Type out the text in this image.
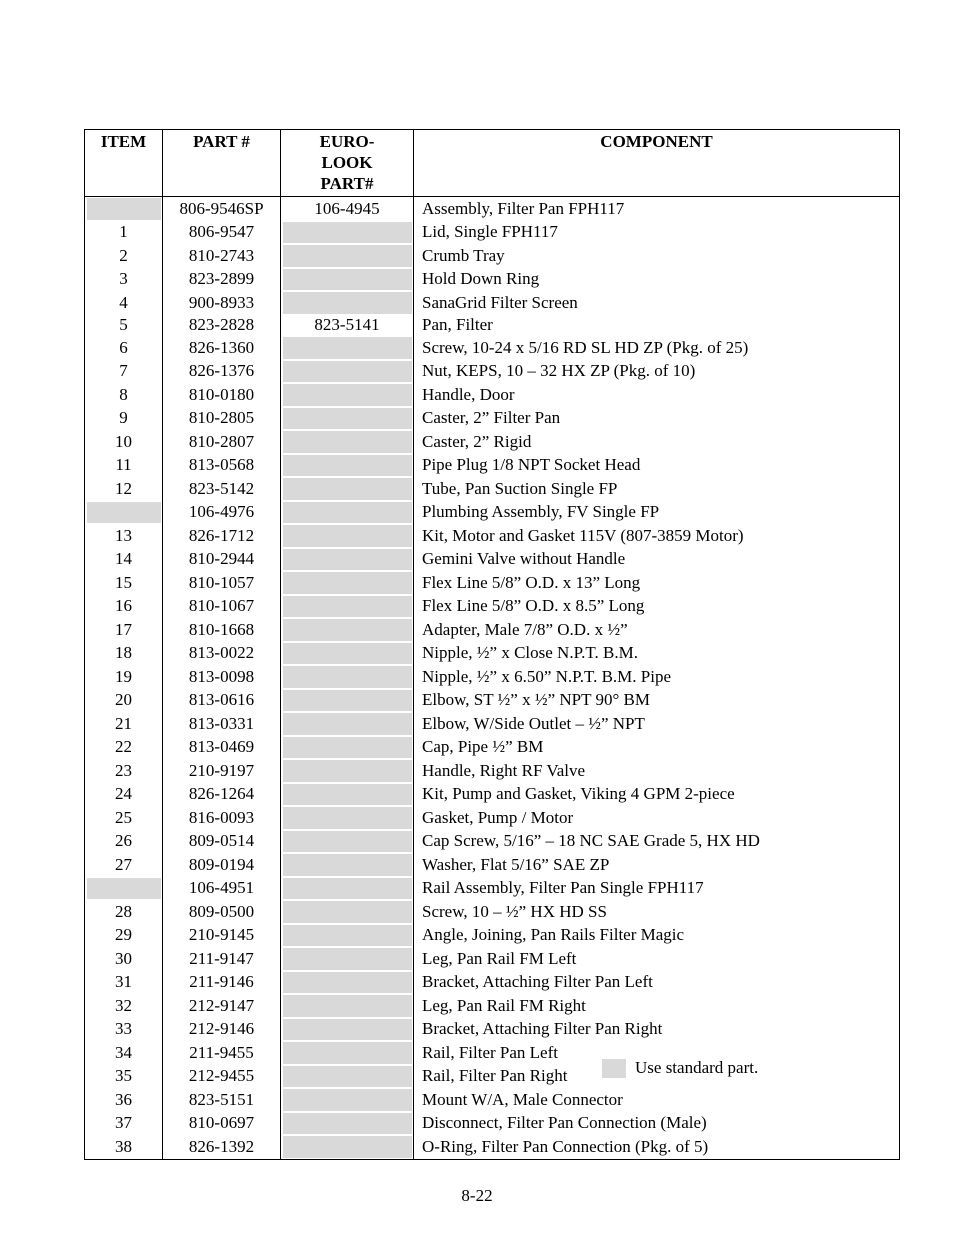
ITEM	PART #	EURO-LOOK PART#	COMPONENT
	806-9546SP	106-4945	Assembly, Filter Pan FPH117
1	806-9547		Lid, Single FPH117
2	810-2743		Crumb Tray
3	823-2899		Hold Down Ring
4	900-8933		SanaGrid Filter Screen
5	823-2828	823-5141	Pan, Filter
6	826-1360		Screw, 10-24 x 5/16 RD SL HD ZP (Pkg. of 25)
7	826-1376		Nut, KEPS, 10 – 32 HX ZP (Pkg. of 10)
8	810-0180		Handle, Door
9	810-2805		Caster, 2” Filter Pan
10	810-2807		Caster, 2” Rigid
11	813-0568		Pipe Plug 1/8 NPT Socket Head
12	823-5142		Tube, Pan Suction Single FP
	106-4976		Plumbing Assembly, FV Single FP
13	826-1712		Kit, Motor and Gasket 115V (807-3859 Motor)
14	810-2944		Gemini Valve without Handle
15	810-1057		Flex Line 5/8” O.D. x 13” Long
16	810-1067		Flex Line 5/8” O.D. x 8.5” Long
17	810-1668		Adapter, Male 7/8” O.D. x ½”
18	813-0022		Nipple, ½” x Close N.P.T. B.M.
19	813-0098		Nipple, ½” x 6.50” N.P.T. B.M. Pipe
20	813-0616		Elbow, ST ½” x ½” NPT 90° BM
21	813-0331		Elbow, W/Side Outlet – ½” NPT
22	813-0469		Cap, Pipe ½” BM
23	210-9197		Handle, Right RF Valve
24	826-1264		Kit, Pump and Gasket, Viking 4 GPM 2-piece
25	816-0093		Gasket, Pump / Motor
26	809-0514		Cap Screw, 5/16” – 18 NC SAE Grade 5, HX HD
27	809-0194		Washer, Flat 5/16” SAE ZP
	106-4951		Rail Assembly, Filter Pan Single FPH117
28	809-0500		Screw, 10 – ½” HX HD SS
29	210-9145		Angle, Joining, Pan Rails Filter Magic
30	211-9147		Leg, Pan Rail FM Left
31	211-9146		Bracket, Attaching Filter Pan Left
32	212-9147		Leg, Pan Rail FM Right
33	212-9146		Bracket, Attaching Filter Pan Right
34	211-9455		Rail, Filter Pan Left
35	212-9455		Rail, Filter Pan Right
36	823-5151		Mount W/A, Male Connector
37	810-0697		Disconnect, Filter Pan Connection (Male)
38	826-1392		O-Ring, Filter Pan Connection (Pkg. of 5)
Use standard part.
8-22
